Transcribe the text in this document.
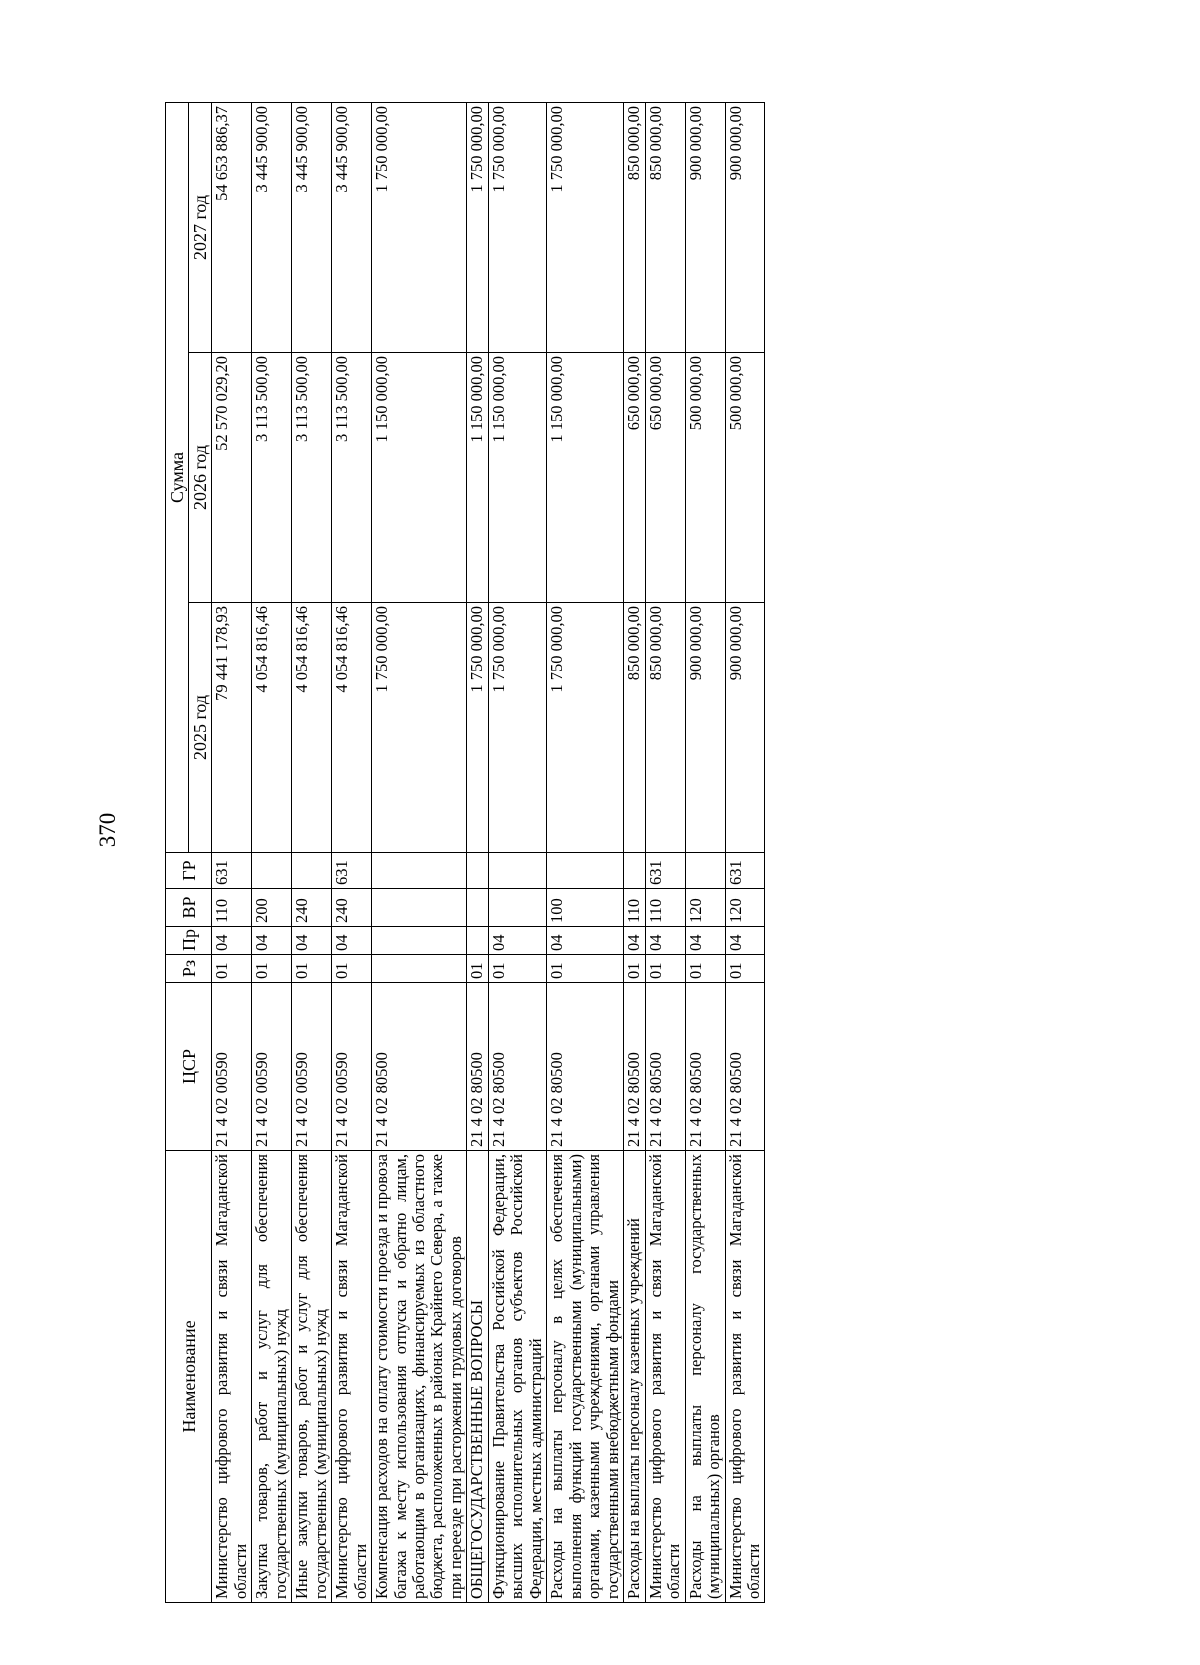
370
Наименование	ЦСР	Рз	Пр	ВР	ГР	Сумма		
						2025 год	2026 год	2027 год
Министерство цифрового развития и связи Магаданской области	21 4 02 00590	01	04	110	631	79 441 178,93	52 570 029,20	54 653 886,37
Закупка товаров, работ и услуг для обеспечения государственных (муниципальных) нужд	21 4 02 00590	01	04	200		4 054 816,46	3 113 500,00	3 445 900,00
Иные закупки товаров, работ и услуг для обеспечения государственных (муниципальных) нужд	21 4 02 00590	01	04	240		4 054 816,46	3 113 500,00	3 445 900,00
Министерство цифрового развития и связи Магаданской области	21 4 02 00590	01	04	240	631	4 054 816,46	3 113 500,00	3 445 900,00
Компенсация расходов на оплату стоимости проезда и провоза багажа к месту использования отпуска и обратно лицам, работающим в организациях, финансируемых из областного бюджета, расположенных в районах Крайнего Севера, а также при переезде при расторжении трудовых договоров	21 4 02 80500					1 750 000,00	1 150 000,00	1 750 000,00
ОБЩЕГОСУДАРСТВЕННЫЕ ВОПРОСЫ	21 4 02 80500	01				1 750 000,00	1 150 000,00	1 750 000,00
Функционирование Правительства Российской Федерации, высших исполнительных органов субъектов Российской Федерации, местных администраций	21 4 02 80500	01	04			1 750 000,00	1 150 000,00	1 750 000,00
Расходы на выплаты персоналу в целях обеспечения выполнения функций государственными (муниципальными) органами, казенными учреждениями, органами управления государственными внебюджетными фондами	21 4 02 80500	01	04	100		1 750 000,00	1 150 000,00	1 750 000,00
Расходы на выплаты персоналу казенных учреждений	21 4 02 80500	01	04	110		850 000,00	650 000,00	850 000,00
Министерство цифрового развития и связи Магаданской области	21 4 02 80500	01	04	110	631	850 000,00	650 000,00	850 000,00
Расходы на выплаты персоналу государственных (муниципальных) органов	21 4 02 80500	01	04	120		900 000,00	500 000,00	900 000,00
Министерство цифрового развития и связи Магаданской области	21 4 02 80500	01	04	120	631	900 000,00	500 000,00	900 000,00
